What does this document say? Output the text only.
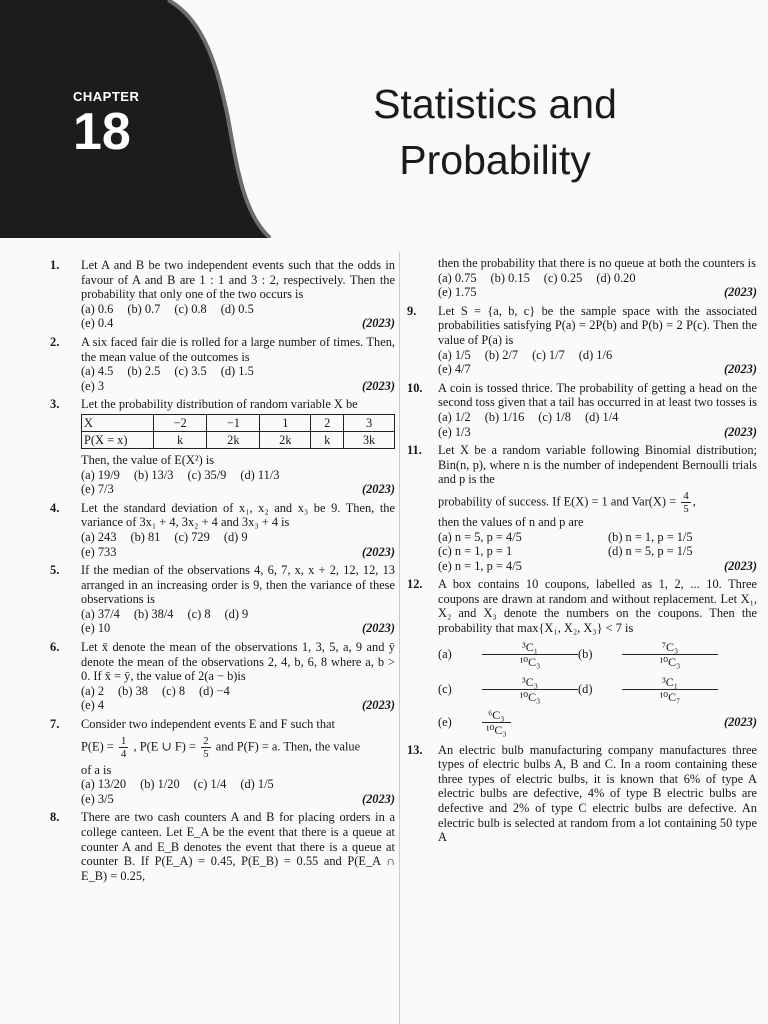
CHAPTER
18	Statistics and
Probability
1.	Let A and B be two independent events such that the odds in favour of A and B are 1 : 1 and 3 : 2, respectively. Then the probability that only one of the two occurs is

(a) 0.6 (b) 0.7 (c) 0.8 (d) 0.5
(e) 0.4	(2023)
2.	A six faced fair die is rolled for a large number of times. Then, the mean value of the outcomes is

(a) 4.5 (b) 2.5 (c) 3.5 (d) 1.5
(e) 3	(2023)
3.	Let the probability distribution of random variable X be

X	−2	−1	1	2	3
P(X = x)	k	2k	2k	k	3k

Then, the value of E(X²) is

(a) 19/9 (b) 13/3 (c) 35/9 (d) 11/3
(e) 7/3	(2023)
4.	Let the standard deviation of x₁, x₂ and x₃ be 9. Then, the variance of 3x₁ + 4, 3x₂ + 4 and 3x₃ + 4 is

(a) 243 (b) 81 (c) 729 (d) 9
(e) 733	(2023)
5.	If the median of the observations 4, 6, 7, x, x + 2, 12, 12, 13 arranged in an increasing order is 9, then the variance of these observations is

(a) 37/4 (b) 38/4 (c) 8 (d) 9
(e) 10	(2023)
6.	Let x̄ denote the mean of the observations 1, 3, 5, a, 9 and ȳ denote the mean of the observations 2, 4, b, 6, 8 where a, b > 0. If x̄ = ȳ, the value of 2(a − b)is

(a) 2 (b) 38 (c) 8 (d) −4
(e) 4	(2023)
7.	Consider two independent events E and F such that

$P(E) = \frac{1}{4}$ , P(E ∪ $F) = \frac{2}{5}$ and P(F) = a. Then, the value

of a is

(a) 13/20 (b) 1/20 (c) 1/4 (d) 1/5
(e) 3/5	(2023)
8.	There are two cash counters A and B for placing orders in a college canteen. Let E_A be the event that there is a queue at counter A and E_B denotes the event that there is a queue at counter B. If P(E_A) = 0.45, P(E_B) = 0.55 and P(E_A ∩ E_B) = 0.25,

then the probability that there is no queue at both the counters is

(a) 0.75 (b) 0.15 (c) 0.25 (d) 0.20
(e) 1.75	(2023)
9.	Let S = {a, b, c} be the sample space with the associated probabilities satisfying P(a) = 2P(b) and P(b) = 2 P(c). Then the value of P(a) is

(a) 1/5 (b) 2/7 (c) 1/7 (d) 1/6
(e) 4/7	(2023)
10.	A coin is tossed thrice. The probability of getting a head on the second toss given that a tail has occurred in at least two tosses is

(a) 1/2 (b) 1/16 (c) 1/8 (d) 1/4
(e) 1/3	(2023)
11.	Let X be a random variable following Binomial distribution; Bin(n, p), where n is the number of independent Bernoulli trials and p is the

probability of success. If E(X) = 1 and $Var(X) = \frac{4}{5}$ ,

then the values of n and p are

(a) n = 5, p = 4/5	(b) n = 1, p = 1/5
(c) n = 1, p = 1	(d) n = 5, p = 1/5
(e) n = 1, p = 4/5	(2023)
12.	A box contains 10 coupons, labelled as 1, 2, ... 10. Three coupons are drawn at random and without replacement. Let X₁, X₂ and X₃ denote the numbers on the coupons. Then the probability that max{X₁, X₂, X₃} < 7 is

(a)	$\frac{\text{³C₁}}{\text{¹⁰C₃}} (b)$	$\frac{\text{⁷C₃}}{\text{¹⁰C₃}}$
(c)	$\frac{\text{³C₃}}{\text{¹⁰C₃}} (d)$	$\frac{\text{³C₁}}{\text{¹⁰C₇}}$
(e)	$\frac{\text{⁶C₃}}{\text{¹⁰C₃}}$	(2023)
13.	An electric bulb manufacturing company manufactures three types of electric bulbs A, B and C. In a room containing these three types of electric bulbs, it is known that 6% of type A electric bulbs are defective, 4% of type B electric bulbs are defective and 2% of type C electric bulbs are defective. An electric bulb is selected at random from a lot containing 50 type A
